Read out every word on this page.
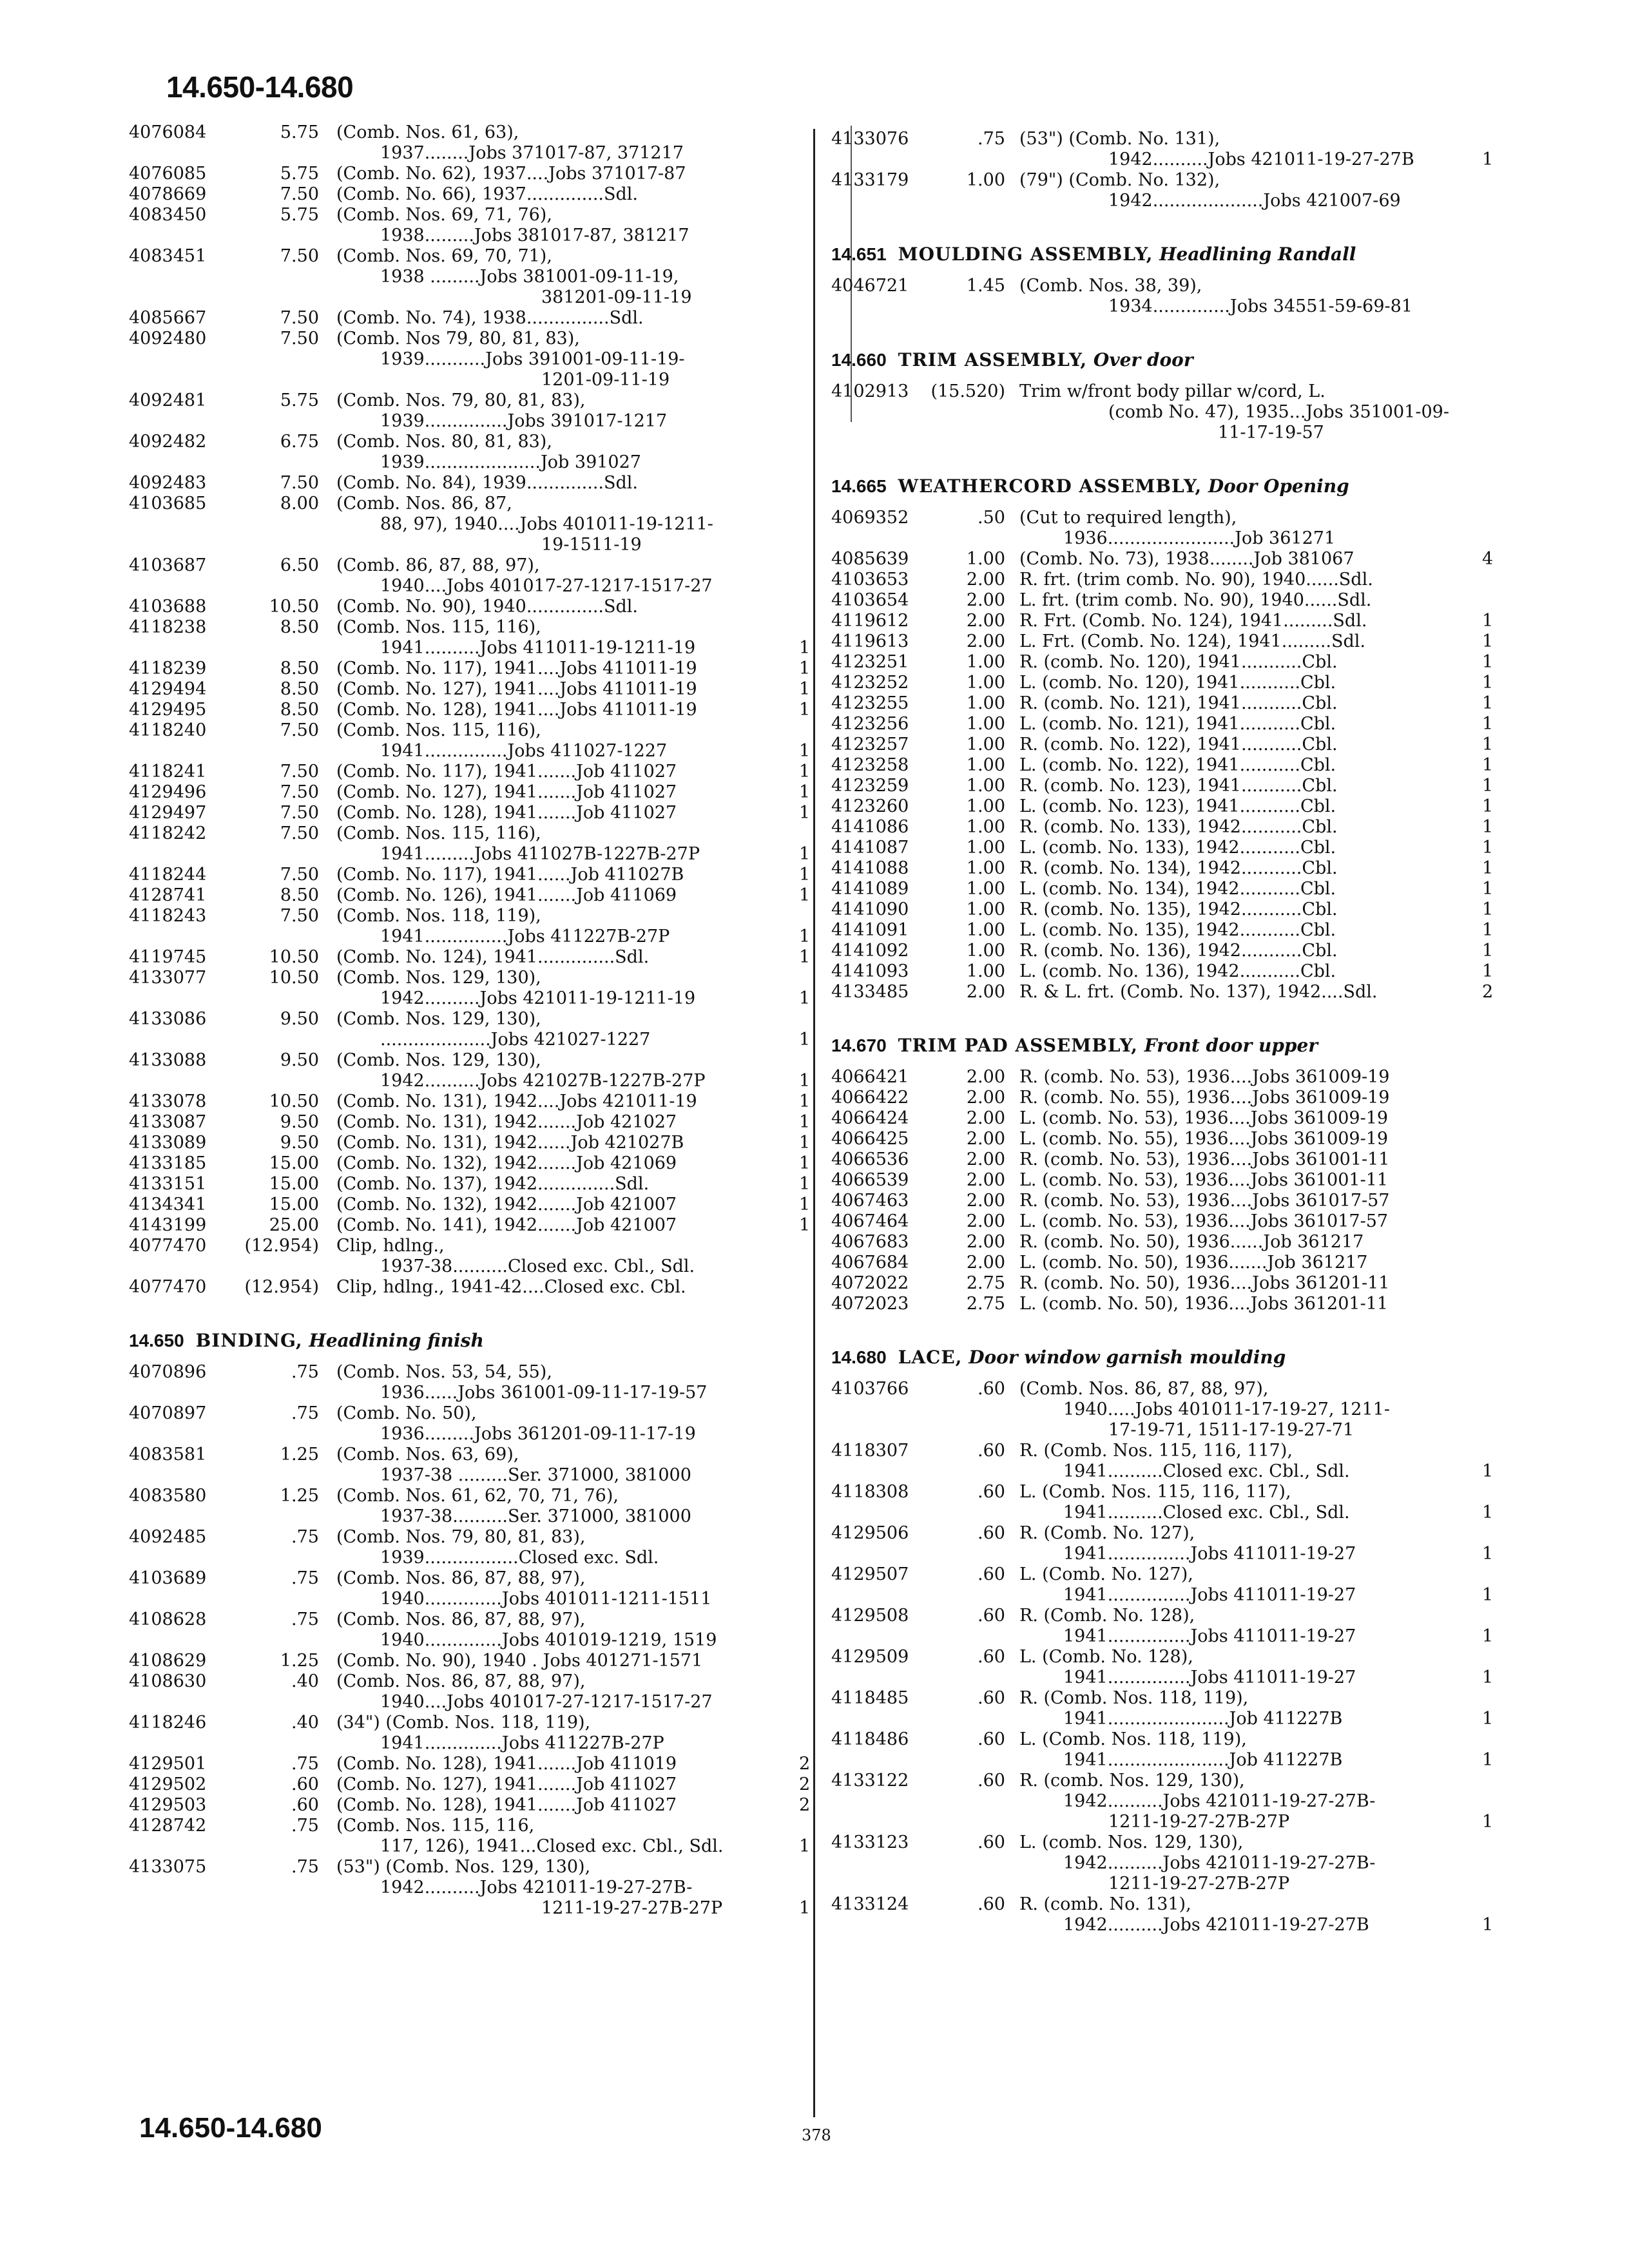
14.650-14.680
4076084	5.75 (Comb. Nos. 61, 63),
1937........Jobs 371017-87, 371217
4076085	5.75 (Comb. No. 62), 1937....Jobs 371017-87
4078669	7.50 (Comb. No. 66), 1937..............Sdl.
4083450	5.75 (Comb. Nos. 69, 71, 76),
1938.........Jobs 381017-87, 381217
4083451	7.50 (Comb. Nos. 69, 70, 71),
1938 .........Jobs 381001-09-11-19,
381201-09-11-19
4085667	7.50 (Comb. No. 74), 1938...............Sdl.
4092480	7.50 (Comb. Nos 79, 80, 81, 83),
1939...........Jobs 391001-09-11-19-
1201-09-11-19
4092481	5.75 (Comb. Nos. 79, 80, 81, 83),
1939...............Jobs 391017-1217
4092482	6.75 (Comb. Nos. 80, 81, 83),
1939.....................Job 391027
4092483	7.50 (Comb. No. 84), 1939..............Sdl.
4103685	8.00 (Comb. Nos. 86, 87,
88, 97), 1940....Jobs 401011-19-1211-
19-1511-19
4103687	6.50 (Comb. 86, 87, 88, 97),
1940....Jobs 401017-27-1217-1517-27
4103688	10.50 (Comb. No. 90), 1940..............Sdl.
4118238	8.50 (Comb. Nos. 115, 116),
1941..........Jobs 411011-19-1211-19	1
4118239	8.50 (Comb. No. 117), 1941....Jobs 411011-19	1
4129494	8.50 (Comb. No. 127), 1941....Jobs 411011-19	1
4129495	8.50 (Comb. No. 128), 1941....Jobs 411011-19	1
4118240	7.50 (Comb. Nos. 115, 116),
1941...............Jobs 411027-1227	1
4118241	7.50 (Comb. No. 117), 1941.......Job 411027	1
4129496	7.50 (Comb. No. 127), 1941.......Job 411027	1
4129497	7.50 (Comb. No. 128), 1941.......Job 411027	1
4118242	7.50 (Comb. Nos. 115, 116),
1941.........Jobs 411027B-1227B-27P	1
4118244	7.50 (Comb. No. 117), 1941......Job 411027B	1
4128741	8.50 (Comb. No. 126), 1941.......Job 411069	1
4118243	7.50 (Comb. Nos. 118, 119),
1941...............Jobs 411227B-27P	1
4119745	10.50 (Comb. No. 124), 1941..............Sdl.	1
4133077	10.50 (Comb. Nos. 129, 130),
1942..........Jobs 421011-19-1211-19	1
4133086	9.50 (Comb. Nos. 129, 130),
....................Jobs 421027-1227	1
4133088	9.50 (Comb. Nos. 129, 130),
1942..........Jobs 421027B-1227B-27P	1
4133078	10.50 (Comb. No. 131), 1942....Jobs 421011-19	1
4133087	9.50 (Comb. No. 131), 1942.......Job 421027	1
4133089	9.50 (Comb. No. 131), 1942......Job 421027B	1
4133185	15.00 (Comb. No. 132), 1942.......Job 421069	1
4133151	15.00 (Comb. No. 137), 1942..............Sdl.	1
4134341	15.00 (Comb. No. 132), 1942.......Job 421007	1
4143199	25.00 (Comb. No. 141), 1942.......Job 421007	1
4077470	(12.954) Clip, hdlng.,
1937-38..........Closed exc. Cbl., Sdl.
4077470	(12.954) Clip, hdlng., 1941-42....Closed exc. Cbl.
14.650 BINDING, Headlining finish
4070896	.75 (Comb. Nos. 53, 54, 55),
1936......Jobs 361001-09-11-17-19-57
4070897	.75 (Comb. No. 50),
1936.........Jobs 361201-09-11-17-19
4083581	1.25 (Comb. Nos. 63, 69),
1937-38 .........Ser. 371000, 381000
4083580	1.25 (Comb. Nos. 61, 62, 70, 71, 76),
1937-38..........Ser. 371000, 381000
4092485	.75 (Comb. Nos. 79, 80, 81, 83),
1939.................Closed exc. Sdl.
4103689	.75 (Comb. Nos. 86, 87, 88, 97),
1940..............Jobs 401011-1211-1511
4108628	.75 (Comb. Nos. 86, 87, 88, 97),
1940..............Jobs 401019-1219, 1519
4108629	1.25 (Comb. No. 90), 1940 . Jobs 401271-1571
4108630	.40 (Comb. Nos. 86, 87, 88, 97),
1940....Jobs 401017-27-1217-1517-27
4118246	.40 (34") (Comb. Nos. 118, 119),
1941..............Jobs 411227B-27P
4129501	.75 (Comb. No. 128), 1941.......Job 411019	2
4129502	.60 (Comb. No. 127), 1941.......Job 411027	2
4129503	.60 (Comb. No. 128), 1941.......Job 411027	2
4128742	.75 (Comb. Nos. 115, 116,
117, 126), 1941...Closed exc. Cbl., Sdl.	1
4133075	.75 (53") (Comb. Nos. 129, 130),
1942..........Jobs 421011-19-27-27B-
1211-19-27-27B-27P	1
4133076	.75 (53") (Comb. No. 131),
1942..........Jobs 421011-19-27-27B	1
4133179	1.00 (79") (Comb. No. 132),
1942....................Jobs 421007-69
14.651 MOULDING ASSEMBLY, Headlining Randall
4046721	1.45 (Comb. Nos. 38, 39),
1934..............Jobs 34551-59-69-81
14.660 TRIM ASSEMBLY, Over door
4102913	(15.520) Trim w/front body pillar w/cord, L.
(comb No. 47), 1935...Jobs 351001-09-
11-17-19-57
14.665 WEATHERCORD ASSEMBLY, Door Opening
4069352	.50 (Cut to required length),
1936.......................Job 361271
4085639	1.00 (Comb. No. 73), 1938........Job 381067	4
4103653	2.00 R. frt. (trim comb. No. 90), 1940......Sdl.
4103654	2.00 L. frt. (trim comb. No. 90), 1940......Sdl.
4119612	2.00 R. Frt. (Comb. No. 124), 1941.........Sdl.	1
4119613	2.00 L. Frt. (Comb. No. 124), 1941.........Sdl.	1
4123251	1.00 R. (comb. No. 120), 1941...........Cbl.	1
4123252	1.00 L. (comb. No. 120), 1941...........Cbl.	1
4123255	1.00 R. (comb. No. 121), 1941...........Cbl.	1
4123256	1.00 L. (comb. No. 121), 1941...........Cbl.	1
4123257	1.00 R. (comb. No. 122), 1941...........Cbl.	1
4123258	1.00 L. (comb. No. 122), 1941...........Cbl.	1
4123259	1.00 R. (comb. No. 123), 1941...........Cbl.	1
4123260	1.00 L. (comb. No. 123), 1941...........Cbl.	1
4141086	1.00 R. (comb. No. 133), 1942...........Cbl.	1
4141087	1.00 L. (comb. No. 133), 1942...........Cbl.	1
4141088	1.00 R. (comb. No. 134), 1942...........Cbl.	1
4141089	1.00 L. (comb. No. 134), 1942...........Cbl.	1
4141090	1.00 R. (comb. No. 135), 1942...........Cbl.	1
4141091	1.00 L. (comb. No. 135), 1942...........Cbl.	1
4141092	1.00 R. (comb. No. 136), 1942...........Cbl.	1
4141093	1.00 L. (comb. No. 136), 1942...........Cbl.	1
4133485	2.00 R. & L. frt. (Comb. No. 137), 1942....Sdl.	2
14.670 TRIM PAD ASSEMBLY, Front door upper
4066421	2.00 R. (comb. No. 53), 1936....Jobs 361009-19
4066422	2.00 R. (comb. No. 55), 1936....Jobs 361009-19
4066424	2.00 L. (comb. No. 53), 1936....Jobs 361009-19
4066425	2.00 L. (comb. No. 55), 1936....Jobs 361009-19
4066536	2.00 R. (comb. No. 53), 1936....Jobs 361001-11
4066539	2.00 L. (comb. No. 53), 1936....Jobs 361001-11
4067463	2.00 R. (comb. No. 53), 1936....Jobs 361017-57
4067464	2.00 L. (comb. No. 53), 1936....Jobs 361017-57
4067683	2.00 R. (comb. No. 50), 1936......Job 361217
4067684	2.00 L. (comb. No. 50), 1936.......Job 361217
4072022	2.75 R. (comb. No. 50), 1936....Jobs 361201-11
4072023	2.75 L. (comb. No. 50), 1936....Jobs 361201-11
14.680 LACE, Door window garnish moulding
4103766	.60 (Comb. Nos. 86, 87, 88, 97),
1940.....Jobs 401011-17-19-27, 1211-
17-19-71, 1511-17-19-27-71
4118307	.60 R. (Comb. Nos. 115, 116, 117),
1941..........Closed exc. Cbl., Sdl.	1
4118308	.60 L. (Comb. Nos. 115, 116, 117),
1941..........Closed exc. Cbl., Sdl.	1
4129506	.60 R. (Comb. No. 127),
1941...............Jobs 411011-19-27	1
4129507	.60 L. (Comb. No. 127),
1941...............Jobs 411011-19-27	1
4129508	.60 R. (Comb. No. 128),
1941...............Jobs 411011-19-27	1
4129509	.60 L. (Comb. No. 128),
1941...............Jobs 411011-19-27	1
4118485	.60 R. (Comb. Nos. 118, 119),
1941......................Job 411227B	1
4118486	.60 L. (Comb. Nos. 118, 119),
1941......................Job 411227B	1
4133122	.60 R. (comb. Nos. 129, 130),
1942..........Jobs 421011-19-27-27B-
1211-19-27-27B-27P	1
4133123	.60 L. (comb. Nos. 129, 130),
1942..........Jobs 421011-19-27-27B-
1211-19-27-27B-27P
4133124	.60 R. (comb. No. 131),
1942..........Jobs 421011-19-27-27B	1
14.650-14.680	378
